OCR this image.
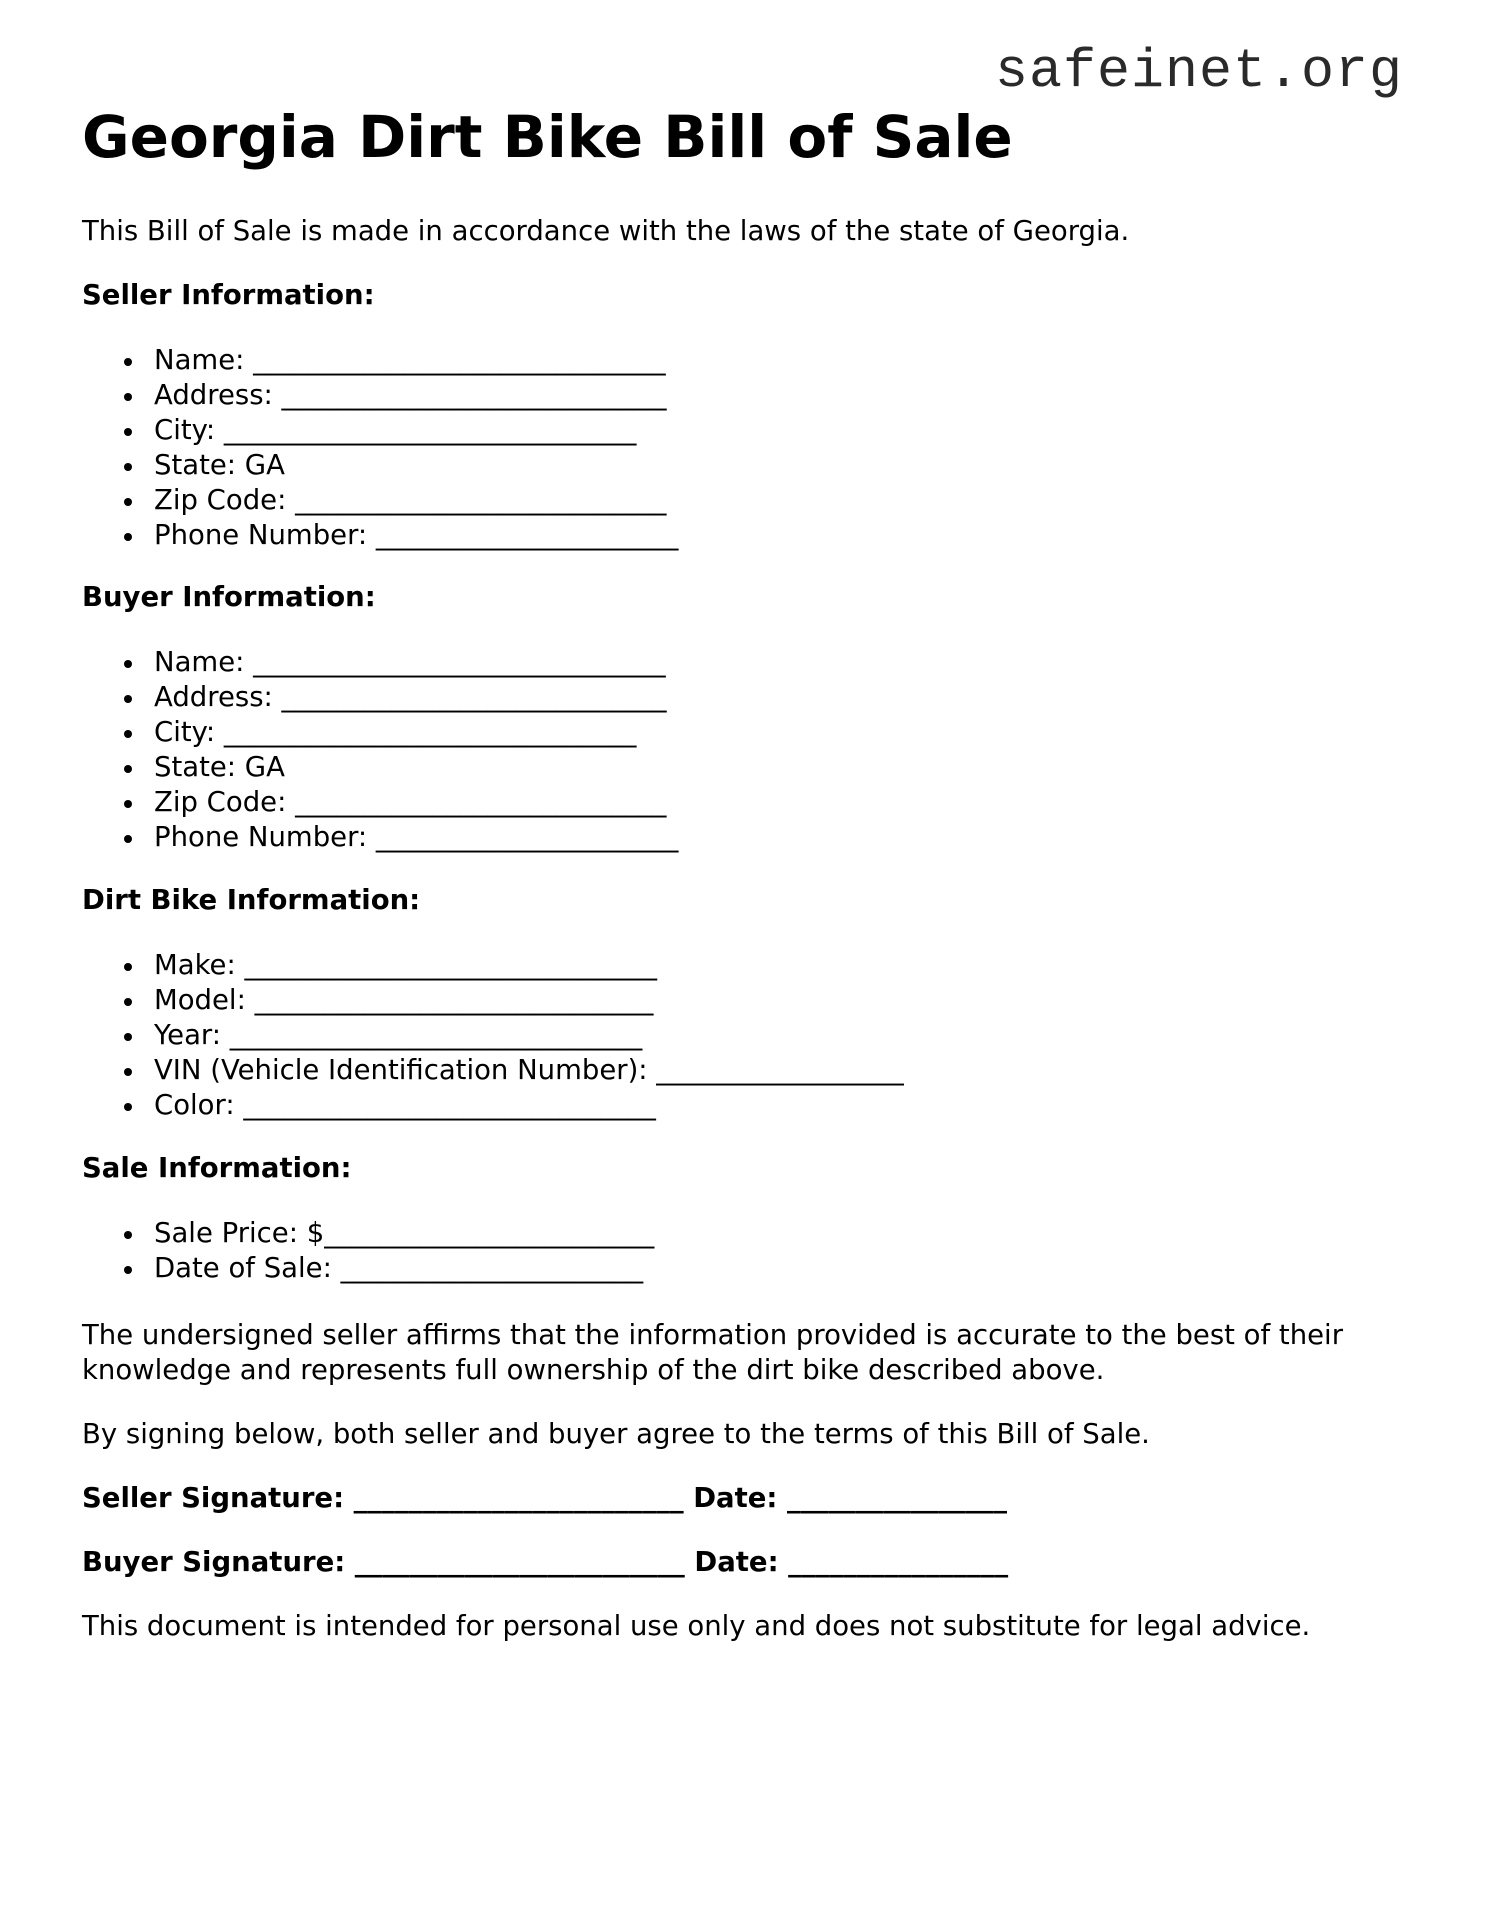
safeinet.org
Georgia Dirt Bike Bill of Sale

This Bill of Sale is made in accordance with the laws of the state of Georgia.

Seller Information:

Name: ______________________________
Address: ____________________________
City: ______________________________
State: GA
Zip Code: ___________________________
Phone Number: ______________________

Buyer Information:

Name: ______________________________
Address: ____________________________
City: ______________________________
State: GA
Zip Code: ___________________________
Phone Number: ______________________

Dirt Bike Information:

Make: ______________________________
Model: _____________________________
Year: ______________________________
VIN (Vehicle Identification Number): __________________
Color: ______________________________

Sale Information:

Sale Price: $________________________
Date of Sale: ______________________

The undersigned seller affirms that the information provided is accurate to the best of their knowledge and represents full ownership of the dirt bike described above.

By signing below, both seller and buyer agree to the terms of this Bill of Sale.

Seller Signature: ________________________ Date: ________________

Buyer Signature: ________________________ Date: ________________

This document is intended for personal use only and does not substitute for legal advice.
